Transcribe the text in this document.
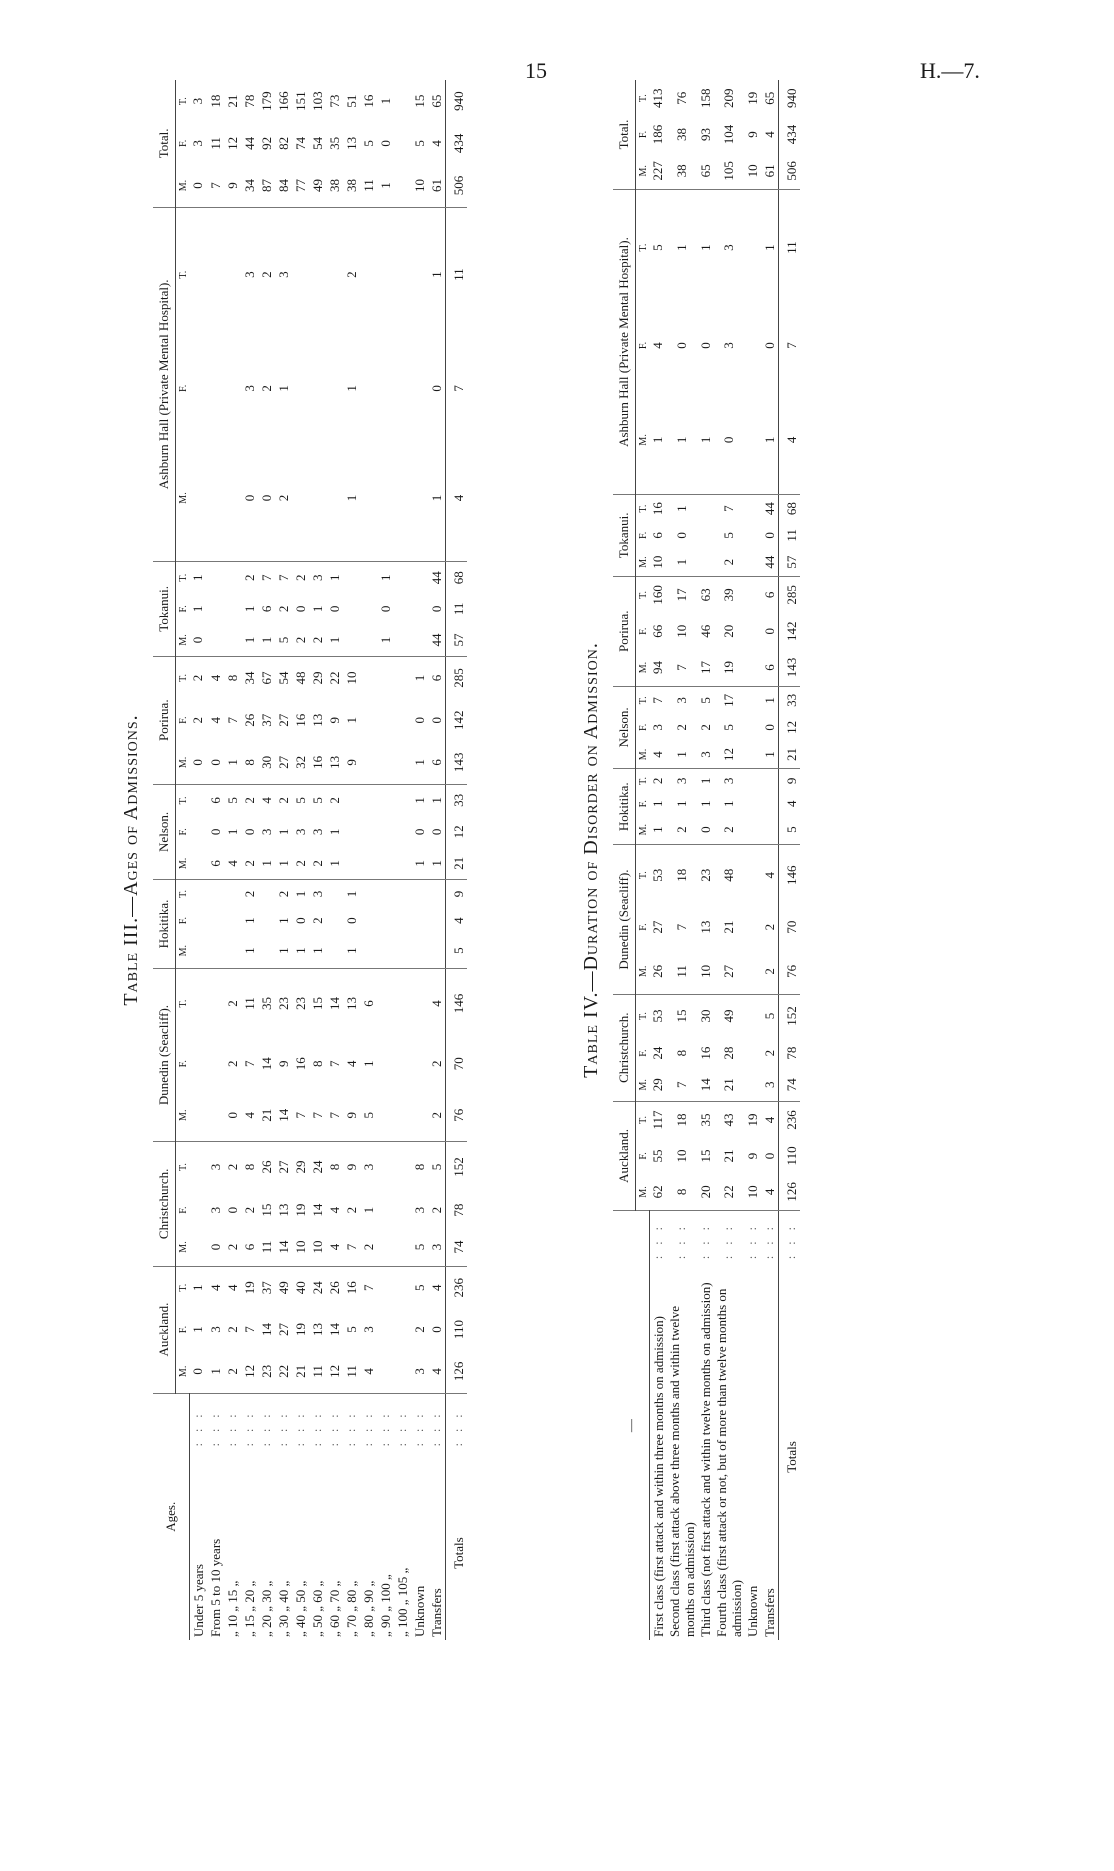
15	H.—7.
Table III.—Ages of Admissions.
Ages.		Auckland.			Christchurch.			Dunedin (Seacliff).			Hokitika.			Nelson.			Porirua.			Tokanui.			Ashburn Hall (Private Mental Hospital).			Total.		
		M.	F.	T.	M.	F.	T.	M.	F.	T.	M.	F.	T.	M.	F.	T.	M.	F.	T.	M.	F.	T.	M.	F.	T.	M.	F.	T.
Under 5 years	: : :	0	1	1													0	2	2	0	1	1				0	3	3
From 5 to 10 years	: : :	1	3	4	0	3	3							6	0	6	0	4	4							7	11	18
„ 10 „ 15 „	: : :	2	2	4	2	0	2	0	2	2				4	1	5	1	7	8							9	12	21
„ 15 „ 20 „	: : :	12	7	19	6	2	8	4	7	11	1	1	2	2	0	2	8	26	34	1	1	2	0	3	3	34	44	78
„ 20 „ 30 „	: : :	23	14	37	11	15	26	21	14	35				1	3	4	30	37	67	1	6	7	0	2	2	87	92	179
„ 30 „ 40 „	: : :	22	27	49	14	13	27	14	9	23	1	1	2	1	1	2	27	27	54	5	2	7	2	1	3	84	82	166
„ 40 „ 50 „	: : :	21	19	40	10	19	29	7	16	23	1	0	1	2	3	5	32	16	48	2	0	2				77	74	151
„ 50 „ 60 „	: : :	11	13	24	10	14	24	7	8	15	1	2	3	2	3	5	16	13	29	2	1	3				49	54	103
„ 60 „ 70 „	: : :	12	14	26	4	4	8	7	7	14				1	1	2	13	9	22	1	0	1				38	35	73
„ 70 „ 80 „	: : :	11	5	16	7	2	9	9	4	13	1	0	1				9	1	10				1	1	2	38	13	51
„ 80 „ 90 „	: : :	4	3	7	2	1	3	5	1	6																11	5	16
„ 90 „ 100 „	: : :																			1	0	1				1	0	1
„ 100 „ 105 „	: : :																											
Unknown	: : :	3	2	5	5	3	8							1	0	1	1	0	1							10	5	15
Transfers	: : :	4	0	4	3	2	5	2	2	4				1	0	1	6	0	6	44	0	44	1	0	1	61	4	65
Totals	: : :	126	110	236	74	78	152	76	70	146	5	4	9	21	12	33	143	142	285	57	11	68	4	7	11	506	434	940
Table IV.—Duration of Disorder on Admission.
—		Auckland.			Christchurch.			Dunedin (Seacliff).			Hokitika.			Nelson.			Porirua.			Tokanui.			Ashburn Hall (Private Mental Hospital).			Total.		
		M.	F.	T.	M.	F.	T.	M.	F.	T.	M.	F.	T.	M.	F.	T.	M.	F.	T.	M.	F.	T.	M.	F.	T.	M.	F.	T.
First class (first attack and within three months on admission)	: : :	62	55	117	29	24	53	26	27	53	1	1	2	4	3	7	94	66	160	10	6	16	1	4	5	227	186	413
Second class (first attack above three months and within twelve months on admission)	: : :	8	10	18	7	8	15	11	7	18	2	1	3	1	2	3	7	10	17	1	0	1	1	0	1	38	38	76
Third class (not first attack and within twelve months on admission)	: : :	20	15	35	14	16	30	10	13	23	0	1	1	3	2	5	17	46	63				1	0	1	65	93	158
Fourth class (first attack or not, but of more than twelve months on admission)	: : :	22	21	43	21	28	49	27	21	48	2	1	3	12	5	17	19	20	39	2	5	7	0	3	3	105	104	209
Unknown	: : :	10	9	19																						10	9	19
Transfers	: : :	4	0	4	3	2	5	2	2	4				1	0	1	6	0	6	44	0	44	1	0	1	61	4	65
Totals	: : :	126	110	236	74	78	152	76	70	146	5	4	9	21	12	33	143	142	285	57	11	68	4	7	11	506	434	940
